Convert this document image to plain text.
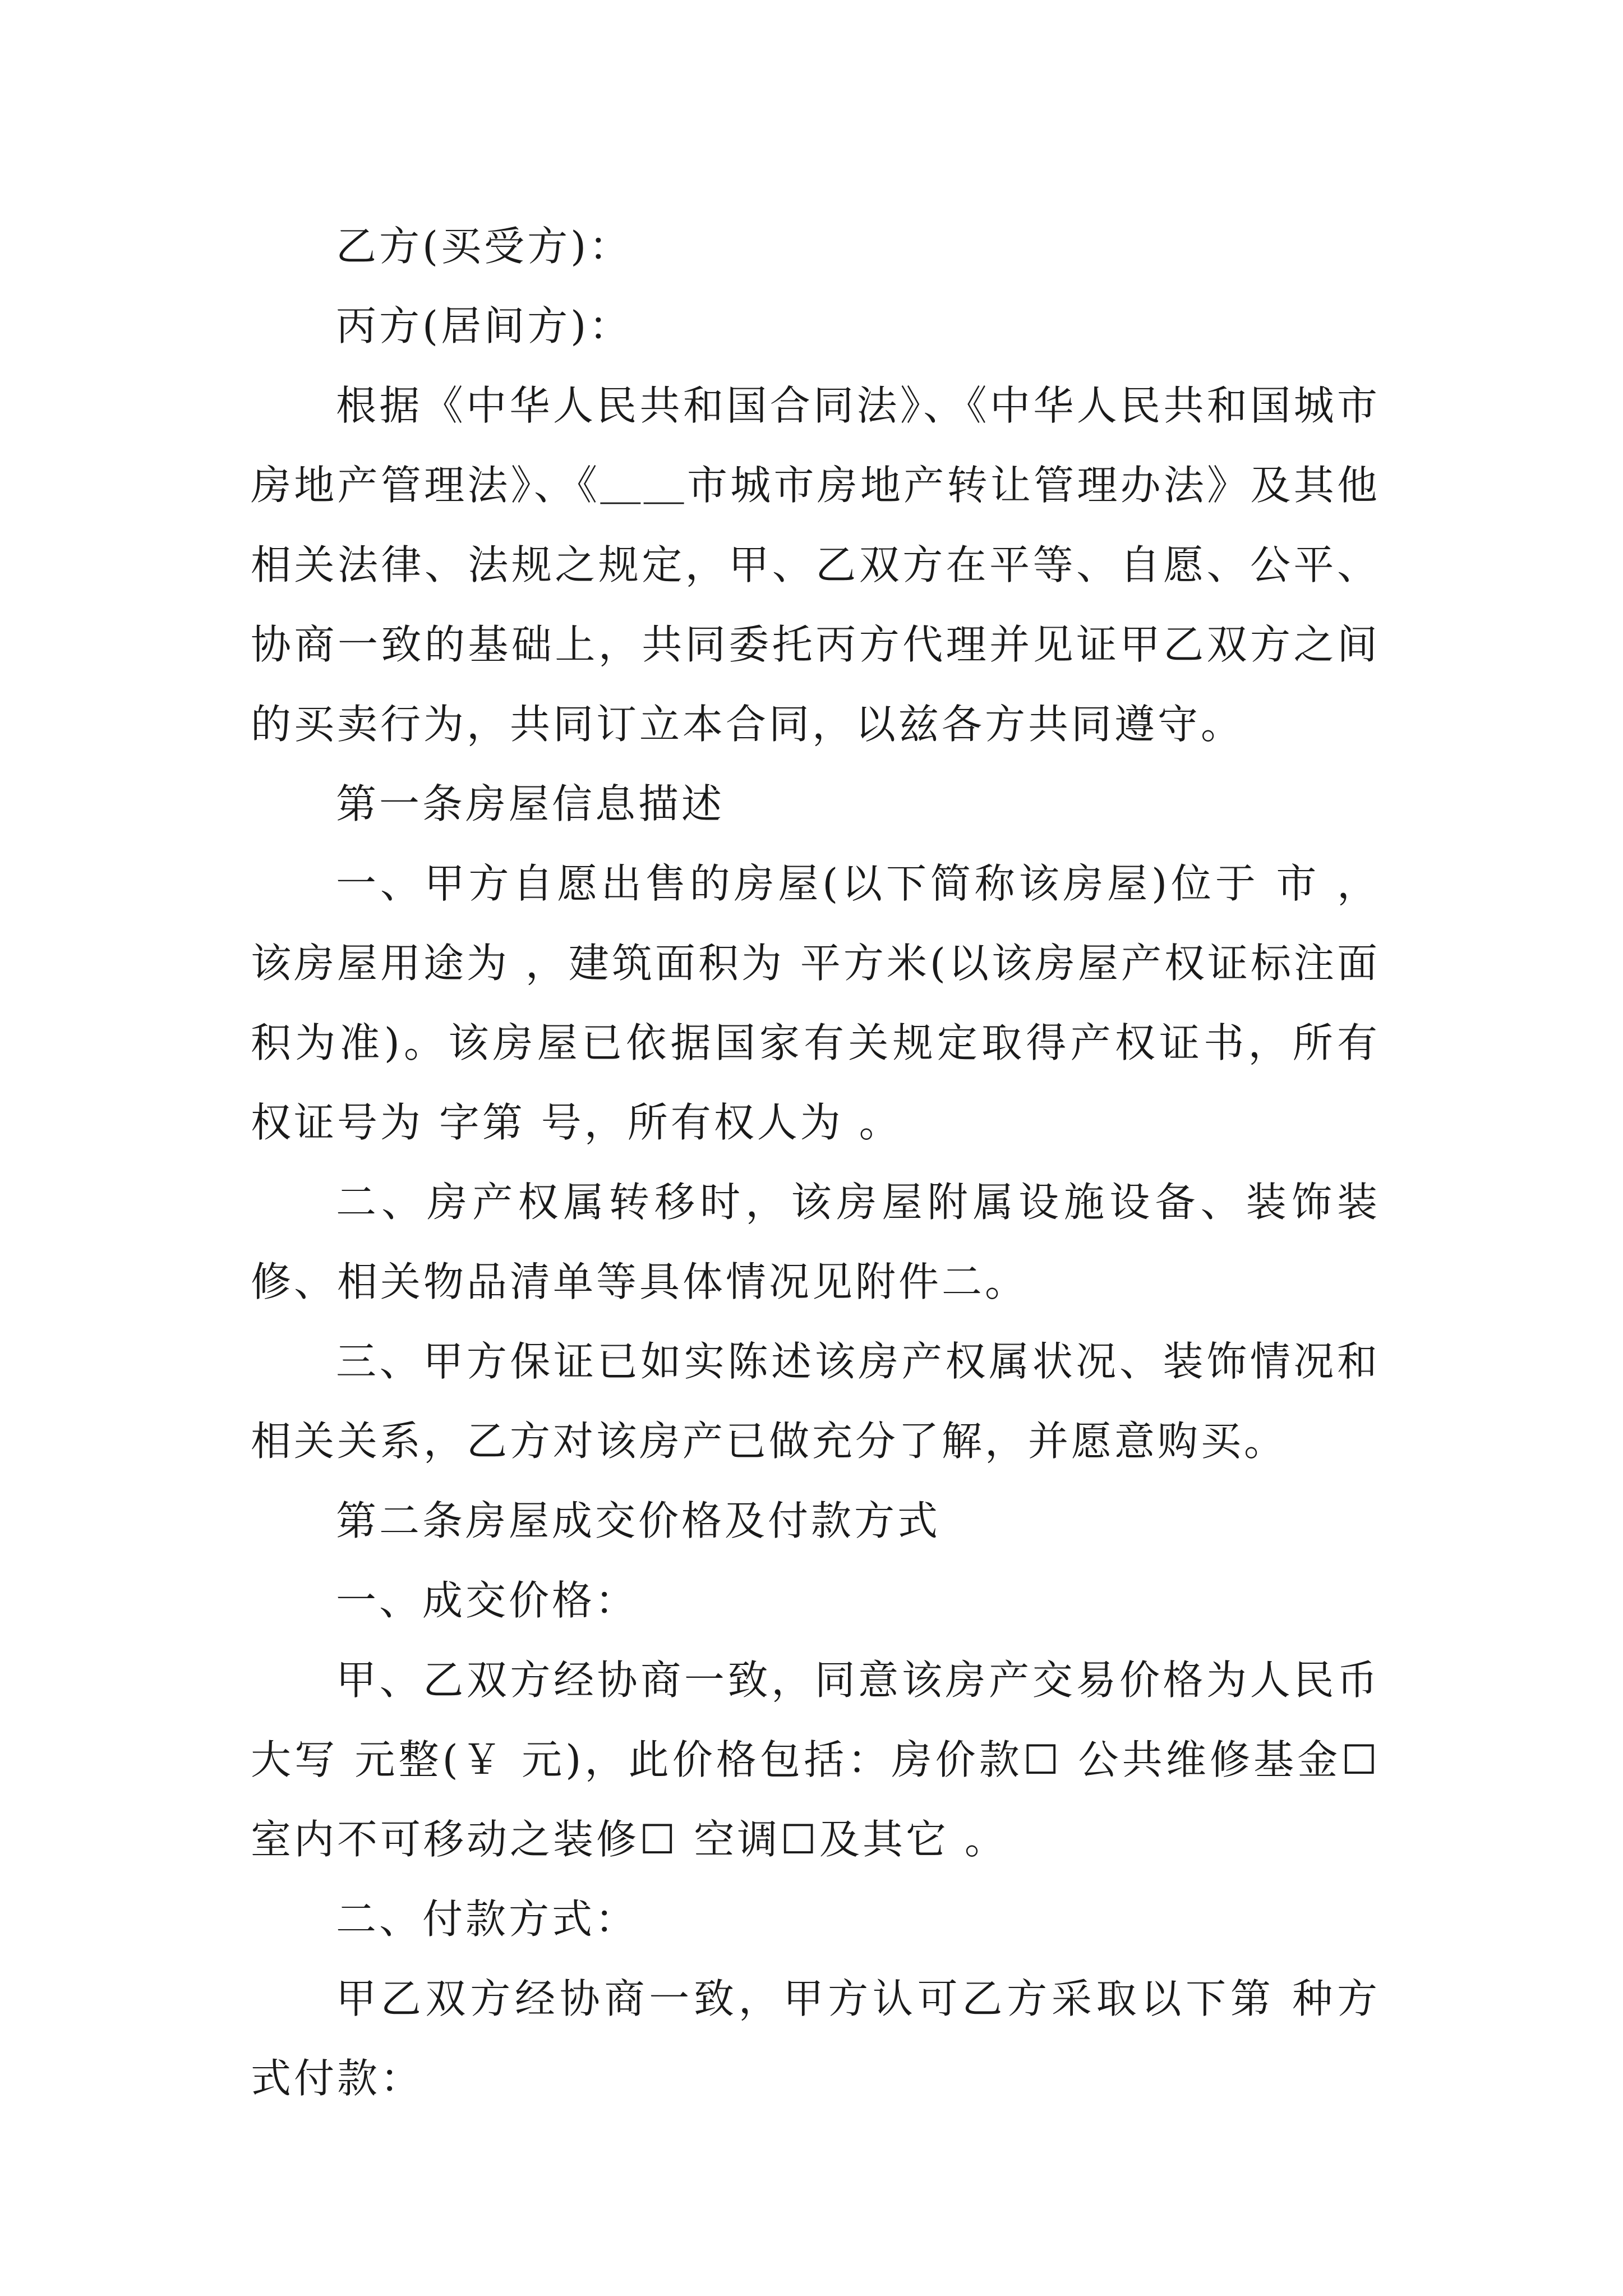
乙方(买受方)：

丙方(居间方)：

根据《中华人民共和国合同法》、《中华人民共和国城市房地产管理法》、《＿＿市城市房地产转让管理办法》及其他相关法律、法规之规定，甲、乙双方在平等、自愿、公平、协商一致的基础上，共同委托丙方代理并见证甲乙双方之间的买卖行为，共同订立本合同，以兹各方共同遵守。

第一条房屋信息描述

一、甲方自愿出售的房屋(以下简称该房屋)位于 市 ，该房屋用途为 ，建筑面积为 平方米(以该房屋产权证标注面积为准)。该房屋已依据国家有关规定取得产权证书，所有权证号为 字第 号，所有权人为 。

二、房产权属转移时，该房屋附属设施设备、装饰装修、相关物品清单等具体情况见附件二。

三、甲方保证已如实陈述该房产权属状况、装饰情况和相关关系，乙方对该房产已做充分了解，并愿意购买。

第二条房屋成交价格及付款方式

一、成交价格：

甲、乙双方经协商一致，同意该房产交易价格为人民币大写 元整(￥ 元)，此价格包括：房价款☐ 公共维修基金☐ 室内不可移动之装修☐ 空调☐及其它 。

二、付款方式：

甲乙双方经协商一致，甲方认可乙方采取以下第 种方式付款：
